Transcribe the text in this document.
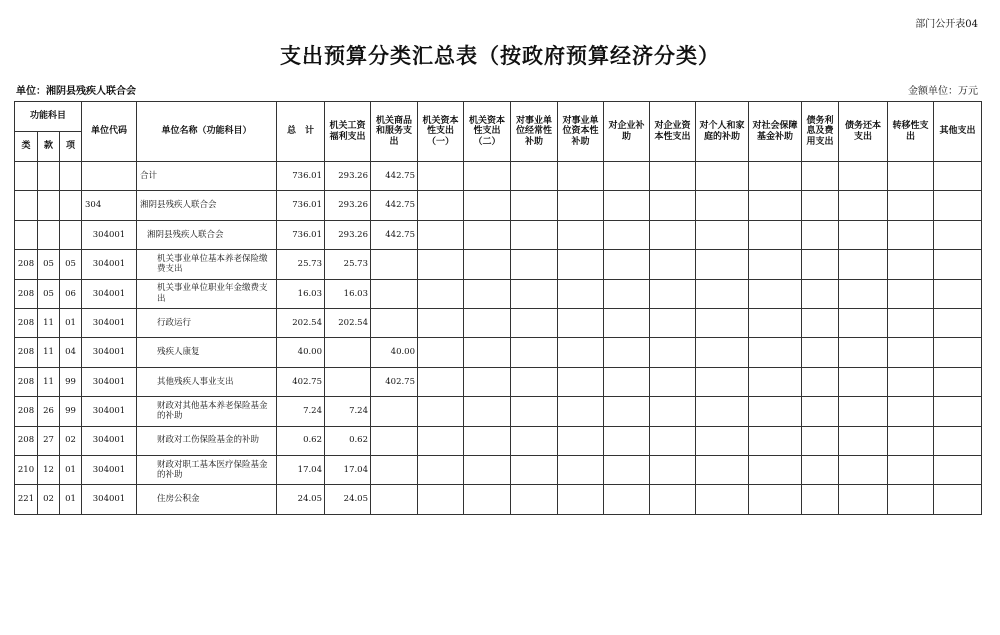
部门公开表04
支出预算分类汇总表（按政府预算经济分类）
单位：湘阴县残疾人联合会	金额单位：万元
功能科目			单位代码	单位名称（功能科目）	总　计	机关工资福利支出	机关商品和服务支出	机关资本性支出（一）	机关资本性支出（二）	对事业单位经常性补助	对事业单位资本性补助	对企业补助	对企业资本性支出	对个人和家庭的补助	对社会保障基金补助	债务利息及费用支出	债务还本支出	转移性支出	其他支出
类	款	项																	
				合计	736.01	293.26	442.75												
			304	湘阴县残疾人联合会	736.01	293.26	442.75												
			304001	湘阴县残疾人联合会	736.01	293.26	442.75												
208	05	05	304001	机关事业单位基本养老保险缴费支出	25.73	25.73													
208	05	06	304001	机关事业单位职业年金缴费支出	16.03	16.03													
208	11	01	304001	行政运行	202.54	202.54													
208	11	04	304001	残疾人康复	40.00		40.00												
208	11	99	304001	其他残疾人事业支出	402.75		402.75												
208	26	99	304001	财政对其他基本养老保险基金的补助	7.24	7.24													
208	27	02	304001	财政对工伤保险基金的补助	0.62	0.62													
210	12	01	304001	财政对职工基本医疗保险基金的补助	17.04	17.04													
221	02	01	304001	住房公积金	24.05	24.05													
